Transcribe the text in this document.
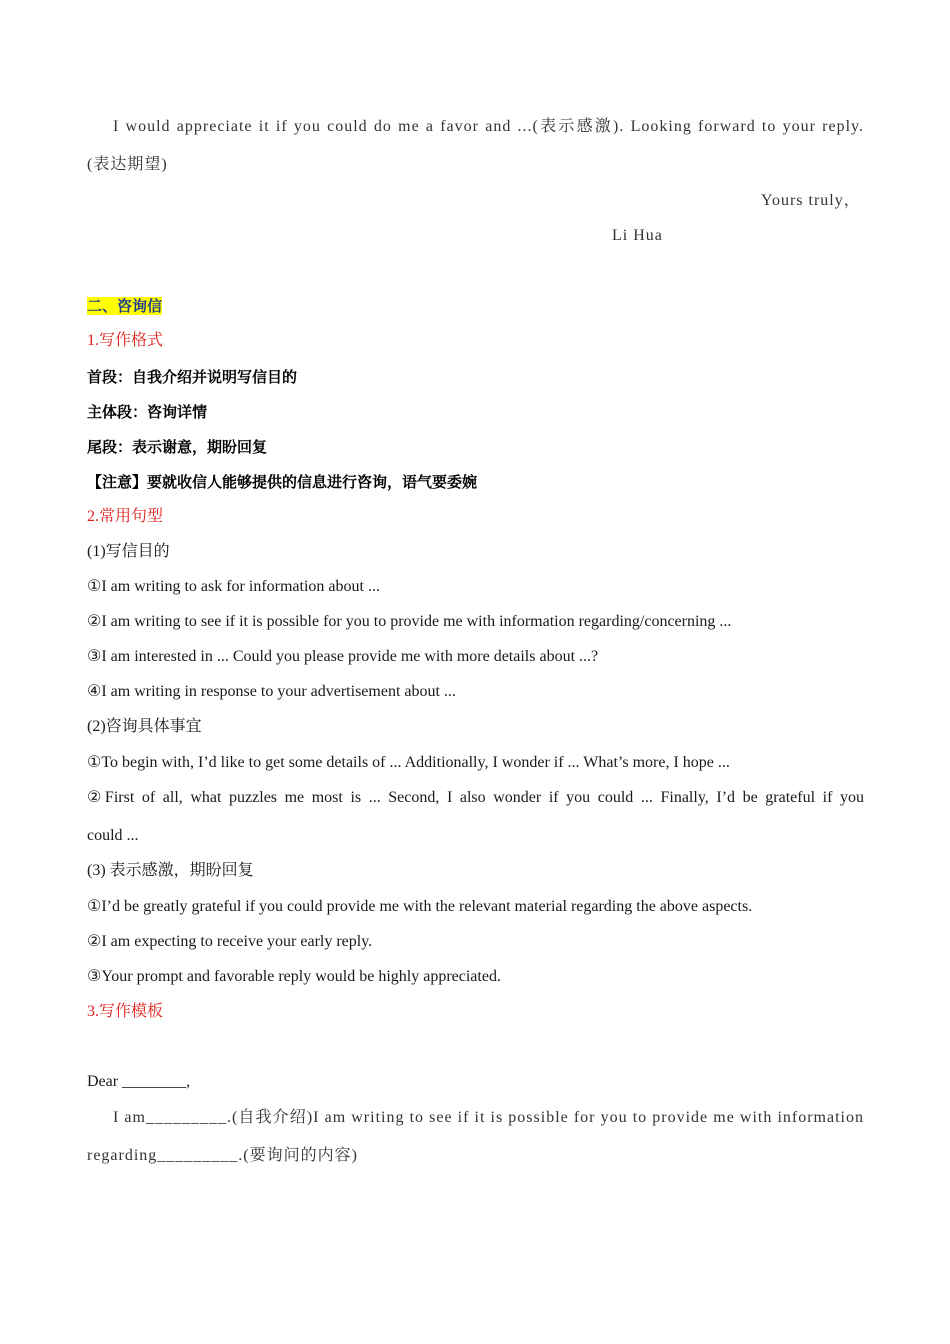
I would appreciate it if you could do me a favor and ...(表示感激). Looking forward to your reply.
(表达期望)
Yours truly，
Li Hua
二、咨询信
1.写作格式
首段：自我介绍并说明写信目的
主体段：咨询详情
尾段：表示谢意，期盼回复
【注意】要就收信人能够提供的信息进行咨询，语气要委婉
2.常用句型
(1)写信目的
①I am writing to ask for information about ...
②I am writing to see if it is possible for you to provide me with information regarding/concerning ...
③I am interested in ... Could you please provide me with more details about ...?
④I am writing in response to your advertisement about ...
(2)咨询具体事宜
①To begin with, I’d like to get some details of ... Additionally, I wonder if ... What’s more, I hope ...
②First of all, what puzzles me most is ... Second, I also wonder if you could ... Finally, I’d be grateful if you
could ...
(3) 表示感激，期盼回复
①I’d be greatly grateful if you could provide me with the relevant material regarding the above aspects.
②I am expecting to receive your early reply.
③Your prompt and favorable reply would be highly appreciated.
3.写作模板
Dear ________,
I am_________.(自我介绍)I am writing to see if it is possible for you to provide me with information
regarding_________.(要询问的内容)
